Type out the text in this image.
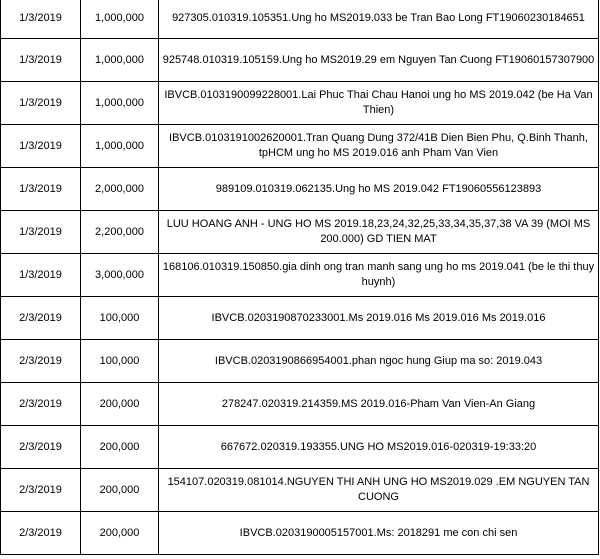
1/3/2019	1,000,000	927305.010319.105351.Ung ho MS2019.033 be Tran Bao Long FT19060230184651
1/3/2019	1,000,000	925748.010319.105159.Ung ho MS2019.29 em Nguyen Tan Cuong FT19060157307900
1/3/2019	1,000,000	IBVCB.0103190099228001.Lai Phuc Thai Chau Hanoi ung ho MS 2019.042 (be Ha Van Thien)
1/3/2019	1,000,000	IBVCB.0103191002620001.Tran Quang Dung 372/41B Dien Bien Phu, Q.Binh Thanh, tpHCM ung ho MS 2019.016 anh Pham Van Vien
1/3/2019	2,000,000	989109.010319.062135.Ung ho MS 2019.042 FT19060556123893
1/3/2019	2,200,000	LUU HOANG ANH - UNG HO MS 2019.18,23,24,32,25,33,34,35,37,38 VA 39 (MOI MS 200.000) GD TIEN MAT
1/3/2019	3,000,000	168106.010319.150850.gia dinh ong tran manh sang ung ho ms 2019.041 (be le thi thuy huynh)
2/3/2019	100,000	IBVCB.0203190870233001.Ms 2019.016 Ms 2019.016 Ms 2019.016
2/3/2019	100,000	IBVCB.0203190866954001.phan ngoc hung Giup ma so: 2019.043
2/3/2019	200,000	278247.020319.214359.MS 2019.016-Pham Van Vien-An Giang
2/3/2019	200,000	667672.020319.193355.UNG HO MS2019.016-020319-19:33:20
2/3/2019	200,000	154107.020319.081014.NGUYEN THI ANH UNG HO MS2019.029 .EM NGUYEN TAN CUONG
2/3/2019	200,000	IBVCB.0203190005157001.Ms: 2018291 me con chi sen
